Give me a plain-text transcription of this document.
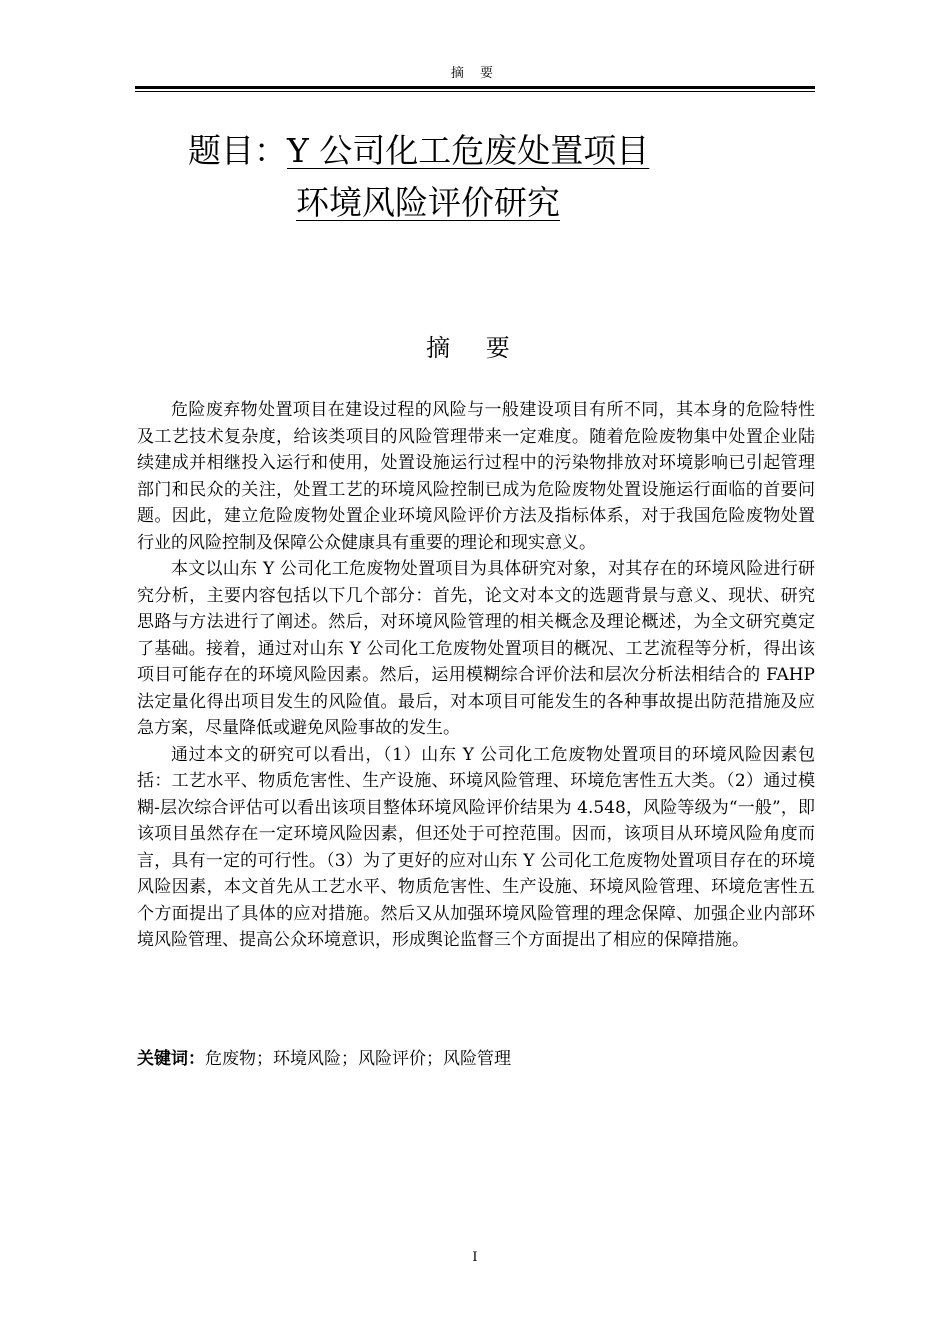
摘 要
题目：Y 公司化工危废处置项目
环境风险评价研究
摘 要

危险废弃物处置项目在建设过程的风险与一般建设项目有所不同，其本身的危险特性及工艺技术复杂度，给该类项目的风险管理带来一定难度。随着危险废物集中处置企业陆续建成并相继投入运行和使用，处置设施运行过程中的污染物排放对环境影响已引起管理部门和民众的关注，处置工艺的环境风险控制已成为危险废物处置设施运行面临的首要问题。因此，建立危险废物处置企业环境风险评价方法及指标体系，对于我国危险废物处置行业的风险控制及保障公众健康具有重要的理论和现实意义。

本文以山东 Y 公司化工危废物处置项目为具体研究对象，对其存在的环境风险进行研究分析，主要内容包括以下几个部分：首先，论文对本文的选题背景与意义、现状、研究思路与方法进行了阐述。然后，对环境风险管理的相关概念及理论概述，为全文研究奠定了基础。接着，通过对山东 Y 公司化工危废物处置项目的概况、工艺流程等分析，得出该项目可能存在的环境风险因素。然后，运用模糊综合评价法和层次分析法相结合的 FAHP 法定量化得出项目发生的风险值。最后，对本项目可能发生的各种事故提出防范措施及应急方案，尽量降低或避免风险事故的发生。

通过本文的研究可以看出，（1）山东 Y 公司化工危废物处置项目的环境风险因素包括：工艺水平、物质危害性、生产设施、环境风险管理、环境危害性五大类。（2）通过模糊-层次综合评估可以看出该项目整体环境风险评价结果为 4.548，风险等级为“一般”，即该项目虽然存在一定环境风险因素，但还处于可控范围。因而，该项目从环境风险角度而言，具有一定的可行性。（3）为了更好的应对山东 Y 公司化工危废物处置项目存在的环境风险因素，本文首先从工艺水平、物质危害性、生产设施、环境风险管理、环境危害性五个方面提出了具体的应对措施。然后又从加强环境风险管理的理念保障、加强企业内部环境风险管理、提高公众环境意识，形成舆论监督三个方面提出了相应的保障措施。

关键词：危废物；环境风险；风险评价；风险管理
I
